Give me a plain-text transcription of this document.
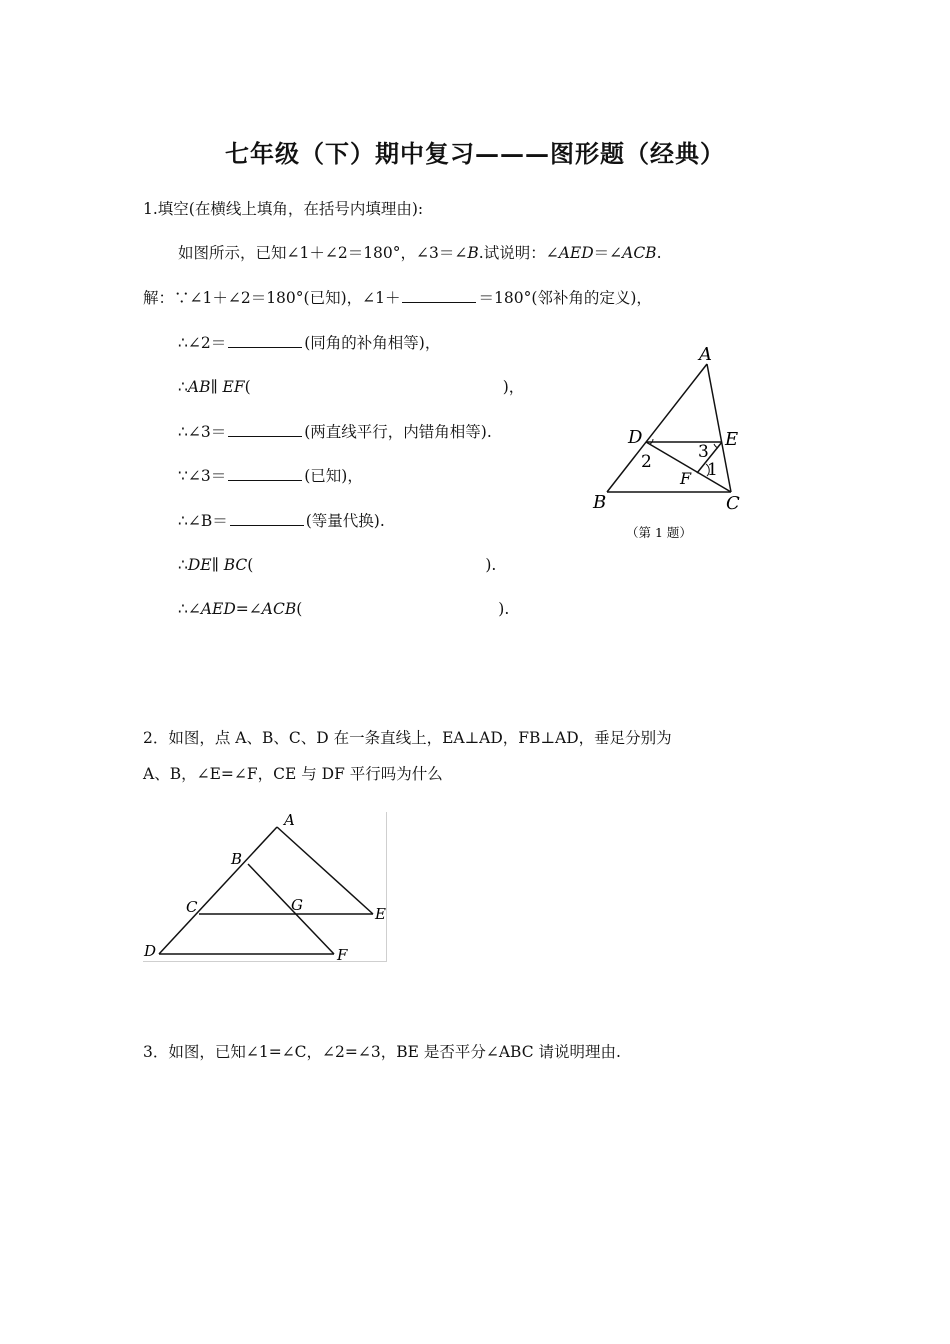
七年级（下）期中复习———图形题（经典）
1.填空(在横线上填角，在括号内填理由):
如图所示，已知∠1＋∠2＝180°，∠3＝∠B.试说明：∠AED＝∠ACB.
解：∵∠1＋∠2＝180°(已知)，∠1＋	＝180°(邻补角的定义)，
∴∠2＝	(同角的补角相等)，
∴AB∥ EF(	)，
∴∠3＝	(两直线平行，内错角相等).
∵∠3＝	(已知)，
∴∠B＝	(等量代换).
∴DE∥ BC(	).
∴∠AED=∠ACB(	).
A
D	E
B	C
F
2	3
1
（第 1 题）
2．如图，点 A、B、C、D 在一条直线上，EA⊥AD，FB⊥AD，垂足分别为
A、B，∠E=∠F，CE 与 DF 平行吗为什么
A
B
C	G	E
D	F
3．如图，已知∠1=∠C，∠2=∠3，BE 是否平分∠ABC 请说明理由.
